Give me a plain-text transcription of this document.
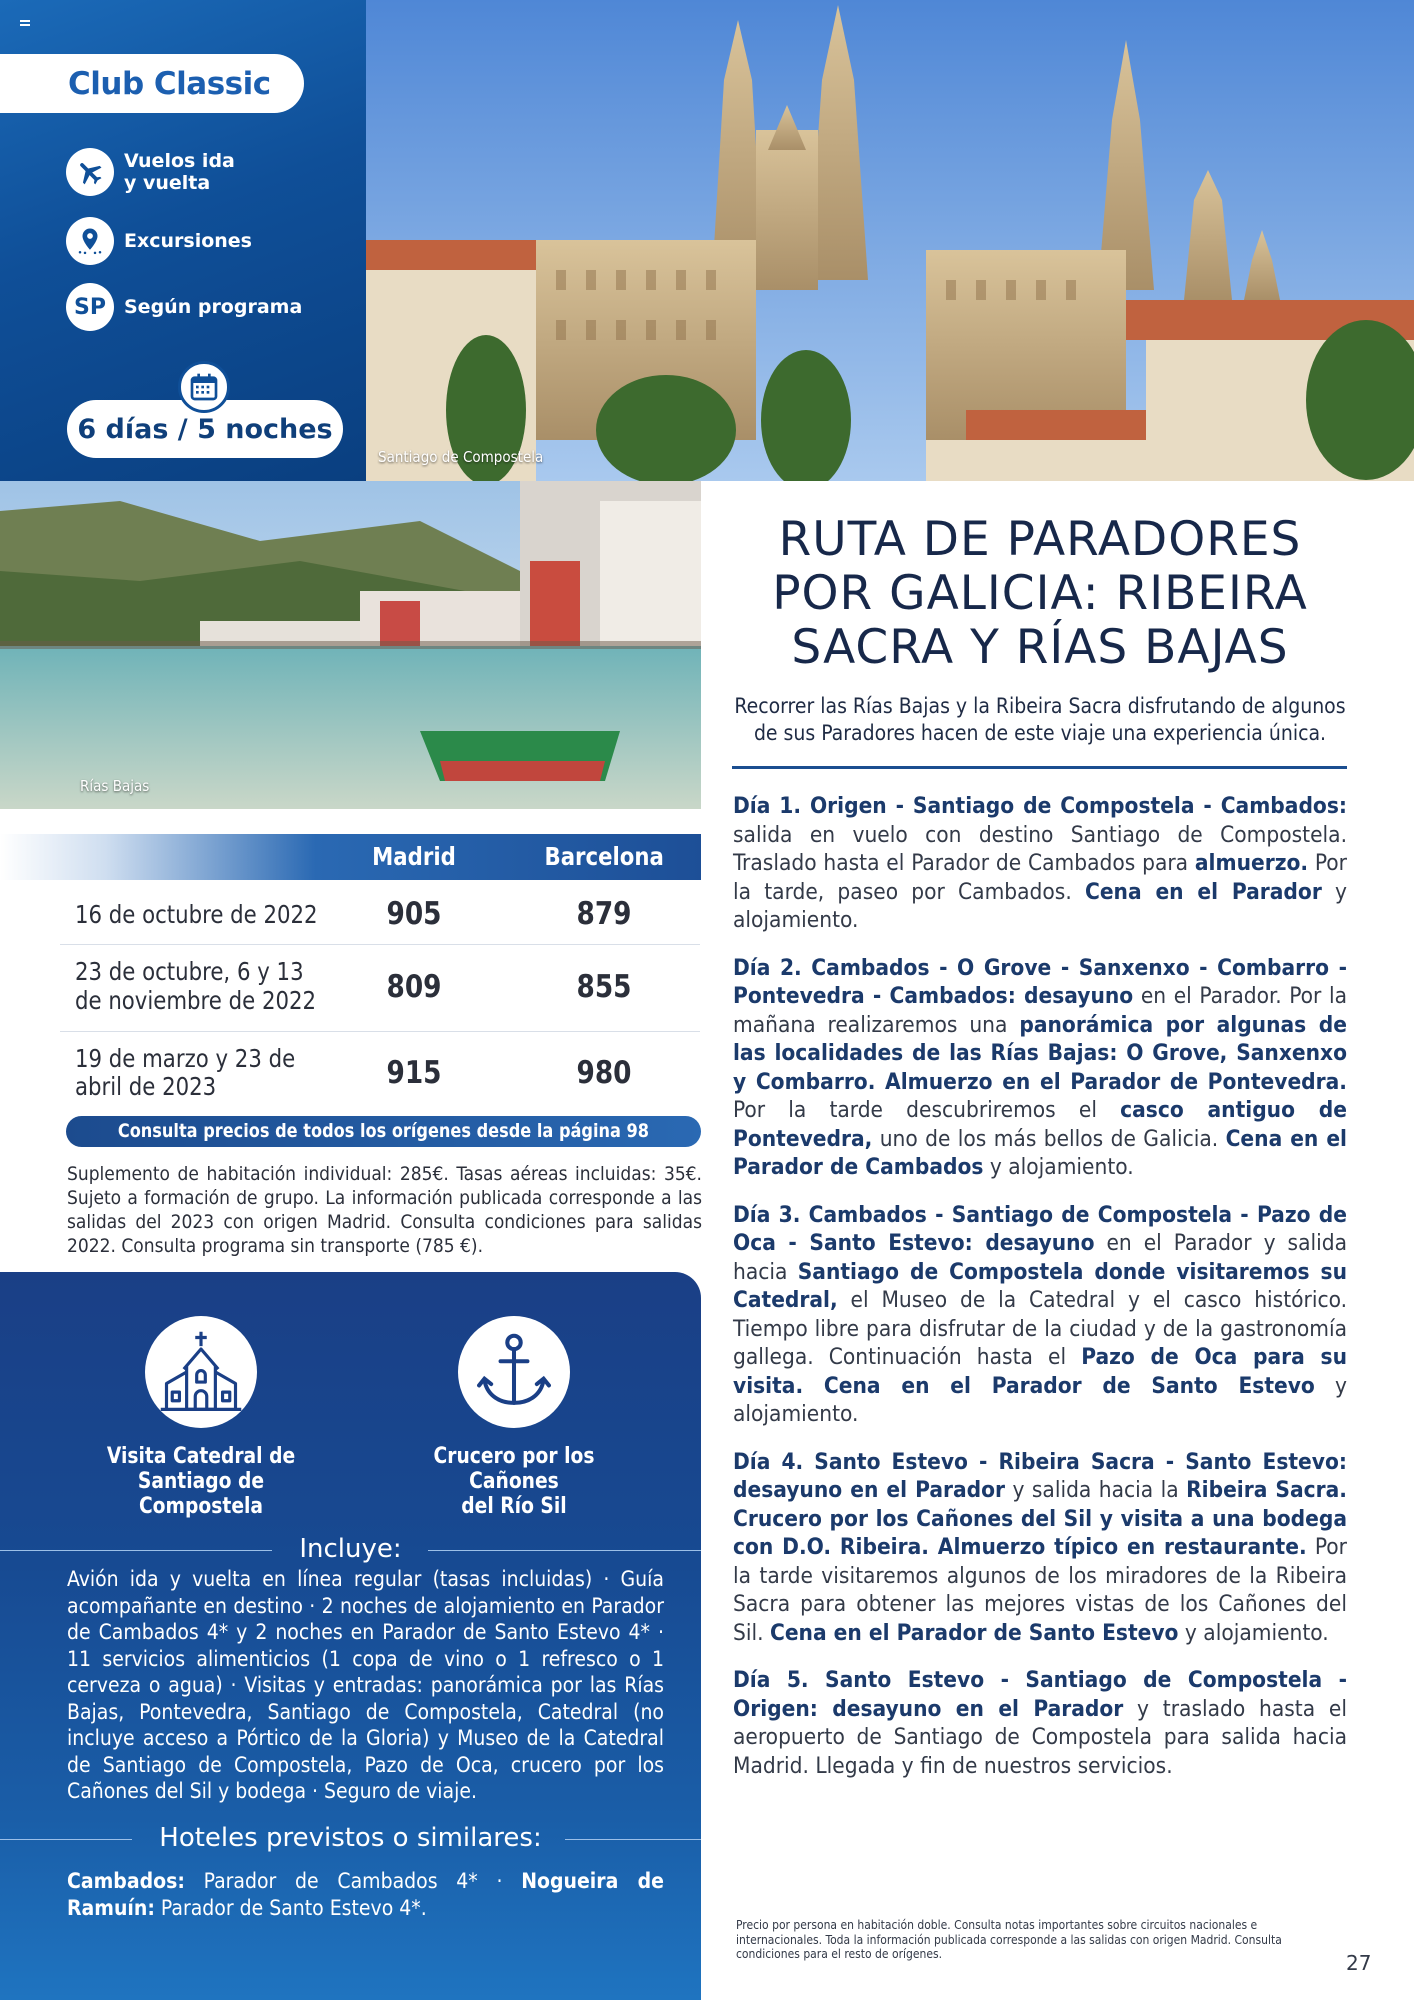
Club Classic
Vuelos ida
y vuelta
Excursiones
SP Según programa
6 días / 5 noches
Santiago de Compostela
Rías Bajas
Madrid	Barcelona
16 de octubre de 2022	905	879
23 de octubre, 6 y 13
de noviembre de 2022	809	855
19 de marzo y 23 de
abril de 2023	915	980
Consulta precios de todos los orígenes desde la página 98
Suplemento de habitación individual: 285€. Tasas aéreas incluidas: 35€. Sujeto a formación de grupo. La información publicada corresponde a las salidas del 2023 con origen Madrid. Consulta condiciones para salidas 2022. Consulta programa sin transporte (785 €).
Visita Catedral de
Santiago de Compostela
Crucero por los Cañones
del Río Sil
Incluye:
Avión ida y vuelta en línea regular (tasas incluidas) · Guía acompañante en destino · 2 noches de alojamiento en Parador de Cambados 4* y 2 noches en Parador de Santo Estevo 4* · 11 servicios alimenticios (1 copa de vino o 1 refresco o 1 cerveza o agua) · Visitas y entradas: panorámica por las Rías Bajas, Pontevedra, Santiago de Compostela, Catedral (no incluye acceso a Pórtico de la Gloria) y Museo de la Catedral de Santiago de Compostela, Pazo de Oca, crucero por los Cañones del Sil y bodega · Seguro de viaje.
Hoteles previstos o similares:
Cambados: Parador de Cambados 4* · Nogueira de Ramuín: Parador de Santo Estevo 4*.
RUTA DE PARADORES
POR GALICIA: RIBEIRA
SACRA Y RÍAS BAJAS
Recorrer las Rías Bajas y la Ribeira Sacra disfrutando de algunos de sus Paradores hacen de este viaje una experiencia única.

Día 1. Origen - Santiago de Compostela - Cambados: salida en vuelo con destino Santiago de Compostela. Traslado hasta el Parador de Cambados para almuerzo. Por la tarde, paseo por Cambados. Cena en el Parador y alojamiento.

Día 2. Cambados - O Grove - Sanxenxo - Combarro - Pontevedra - Cambados: desayuno en el Parador. Por la mañana realizaremos una panorámica por algunas de las localidades de las Rías Bajas: O Grove, Sanxenxo y Combarro. Almuerzo en el Parador de Pontevedra. Por la tarde descubriremos el casco antiguo de Pontevedra, uno de los más bellos de Galicia. Cena en el Parador de Cambados y alojamiento.

Día 3. Cambados - Santiago de Compostela - Pazo de Oca - Santo Estevo: desayuno en el Parador y salida hacia Santiago de Compostela donde visitaremos su Catedral, el Museo de la Catedral y el casco histórico. Tiempo libre para disfrutar de la ciudad y de la gastronomía gallega. Continuación hasta el Pazo de Oca para su visita. Cena en el Parador de Santo Estevo y alojamiento.

Día 4. Santo Estevo - Ribeira Sacra - Santo Estevo: desayuno en el Parador y salida hacia la Ribeira Sacra. Crucero por los Cañones del Sil y visita a una bodega con D.O. Ribeira. Almuerzo típico en restaurante. Por la tarde visitaremos algunos de los miradores de la Ribeira Sacra para obtener las mejores vistas de los Cañones del Sil. Cena en el Parador de Santo Estevo y alojamiento.

Día 5. Santo Estevo - Santiago de Compostela - Origen: desayuno en el Parador y traslado hasta el aeropuerto de Santiago de Compostela para salida hacia Madrid. Llegada y fin de nuestros servicios.

Precio por persona en habitación doble. Consulta notas importantes sobre circuitos nacionales e internacionales. Toda la información publicada corresponde a las salidas con origen Madrid. Consulta condiciones para el resto de orígenes.	27
